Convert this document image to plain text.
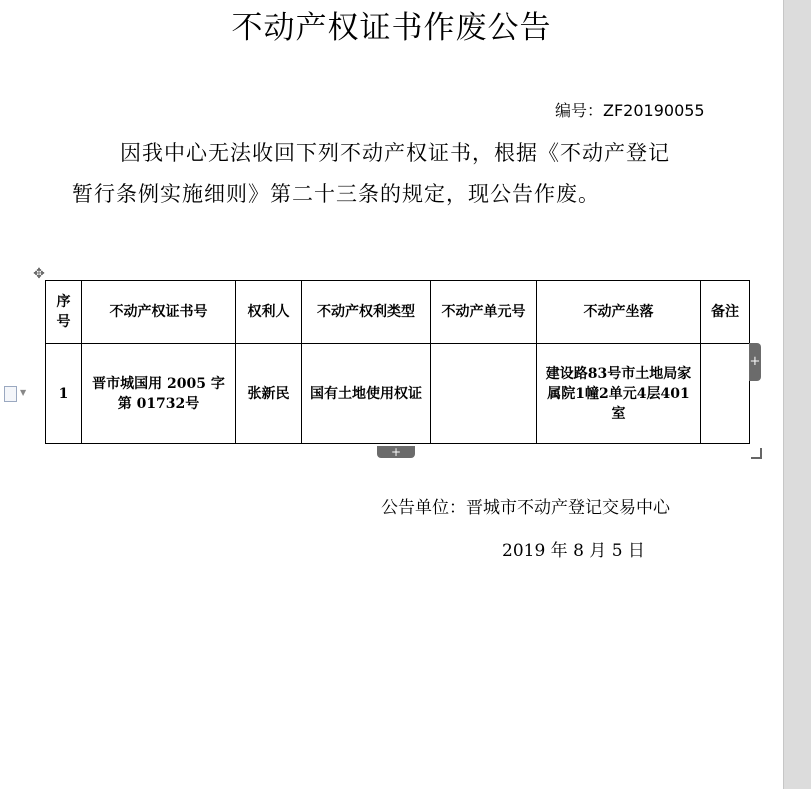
不动产权证书作废公告
编号：ZF20190055
因我中心无法收回下列不动产权证书，根据《不动产登记
暂行条例实施细则》第二十三条的规定，现公告作废。
✥
序号	不动产权证书号	权利人	不动产权利类型	不动产单元号	不动产坐落	备注
1	晋市城国用 2005 字第 01732号	张新民	国有土地使用权证		建设路83号市土地局家属院1幢2单元4层401室	
+
+
▼
公告单位：晋城市不动产登记交易中心
2019 年 8 月 5 日
